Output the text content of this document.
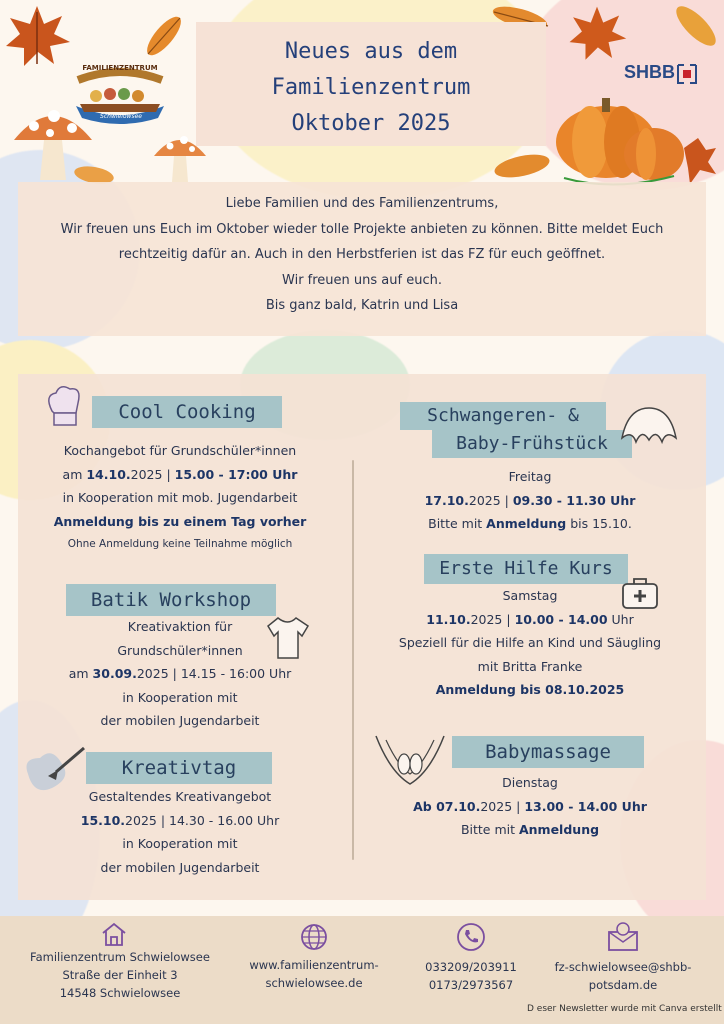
FAMILIENZENTRUM
Schwielowsee
Neues aus dem
Familienzentrum
Oktober 2025
SHBB
Liebe Familien und des Familienzentrums,
Wir freuen uns Euch im Oktober wieder tolle Projekte anbieten zu können. Bitte meldet Euch
rechtzeitig dafür an. Auch in den Herbstferien ist das FZ für euch geöffnet.
Wir freuen uns auf euch.
Bis ganz bald, Katrin und Lisa
Cool Cooking
Kochangebot für Grundschüler*innen
am 14.10.2025 | 15.00 - 17:00 Uhr
in Kooperation mit mob. Jugendarbeit
Anmeldung bis zu einem Tag vorher
Ohne Anmeldung keine Teilnahme möglich
Batik Workshop
Kreativaktion für
Grundschüler*innen
am 30.09.2025 | 14.15 - 16:00 Uhr
in Kooperation mit
der mobilen Jugendarbeit
Kreativtag
Gestaltendes Kreativangebot
15.10.2025 | 14.30 - 16.00 Uhr
in Kooperation mit
der mobilen Jugendarbeit
Schwangeren- &
Baby-Frühstück
Freitag
17.10.2025 | 09.30 - 11.30 Uhr
Bitte mit Anmeldung bis 15.10.
Erste Hilfe Kurs
Samstag
11.10.2025 | 10.00 - 14.00 Uhr
Speziell für die Hilfe an Kind und Säugling
mit Britta Franke
Anmeldung bis 08.10.2025
Babymassage
Dienstag
Ab 07.10.2025 | 13.00 - 14.00 Uhr
Bitte mit Anmeldung
Familienzentrum Schwielowsee
Straße der Einheit 3
14548 Schwielowsee
www.familienzentrum-
schwielowsee.de
033209/203911
0173/2973567
fz-schwielowsee@shbb-
potsdam.de
D eser Newsletter wurde mit Canva erstellt
